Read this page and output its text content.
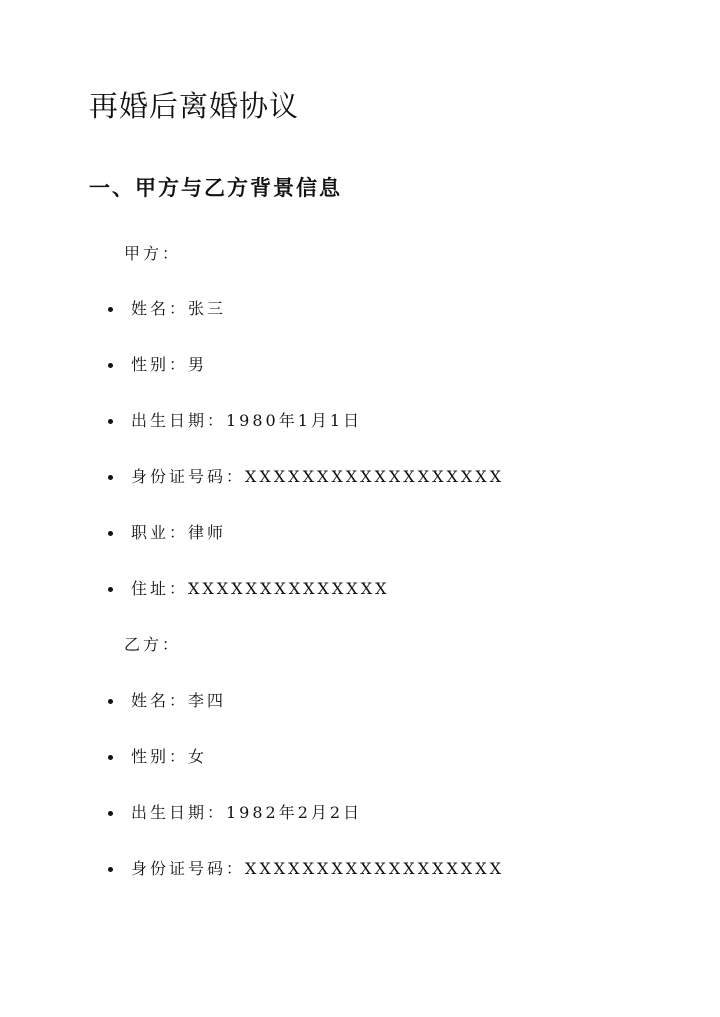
再婚后离婚协议
一、甲方与乙方背景信息

甲方：

姓名：张三
性别：男
出生日期：1980年1月1日
身份证号码：XXXXXXXXXXXXXXXXXX
职业：律师
住址：XXXXXXXXXXXXXX

乙方：

姓名：李四
性别：女
出生日期：1982年2月2日
身份证号码：XXXXXXXXXXXXXXXXXX
